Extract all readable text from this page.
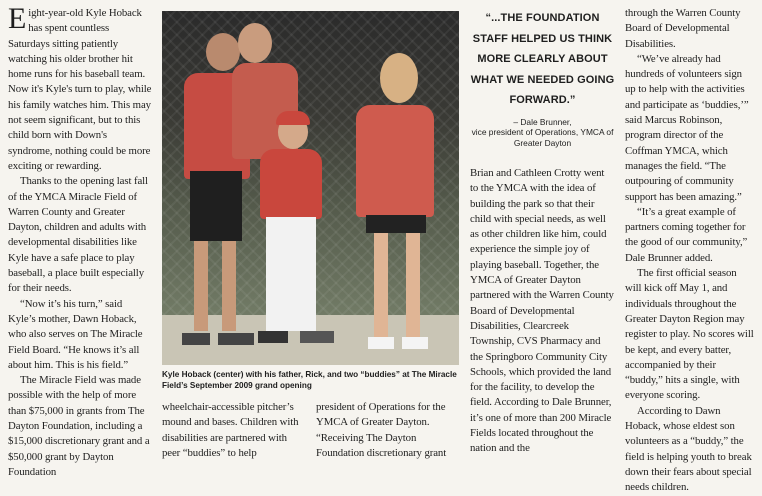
Eight-year-old Kyle Hoback has spent countless Saturdays sitting patiently watching his older brother hit home runs for his baseball team. Now it's Kyle's turn to play, while his family watches him. This may not seem significant, but to this child born with Down's syndrome, nothing could be more exciting or rewarding.

Thanks to the opening last fall of the YMCA Miracle Field of Warren County and Greater Dayton, children and adults with developmental disabilities like Kyle have a safe place to play baseball, a place built especially for their needs.

“Now it’s his turn,” said Kyle’s mother, Dawn Hoback, who also serves on The Miracle Field Board. “He knows it’s all about him. This is his field.”

The Miracle Field was made possible with the help of more than $75,000 in grants from The Dayton Foundation, including a $15,000 discretionary grant and a $50,000 grant by Dayton Foundation

Kyle Hoback (center) with his father, Rick, and two “buddies” at The Miracle Field’s September 2009 grand opening

wheelchair-accessible pitcher’s mound and bases. Children with disabilities are partnered with peer “buddies” to help

president of Operations for the YMCA of Greater Dayton. “Receiving The Dayton Foundation discretionary grant

“...THE FOUNDATION STAFF HELPED US THINK MORE CLEARLY ABOUT WHAT WE NEEDED GOING FORWARD.”
– Dale Brunner,
vice president of Operations, YMCA of Greater Dayton

Brian and Cathleen Crotty went to the YMCA with the idea of building the park so that their child with special needs, as well as other children like him, could experience the simple joy of playing baseball. Together, the YMCA of Greater Dayton partnered with the Warren County Board of Developmental Disabilities, Clearcreek Township, CVS Pharmacy and the Springboro Community City Schools, which provided the land for the facility, to develop the field. According to Dale Brunner, it’s one of more than 200 Miracle Fields located throughout the nation and the

through the Warren County Board of Developmental Disabilities.

“We’ve already had hundreds of volunteers sign up to help with the activities and participate as ‘buddies,’” said Marcus Robinson, program director of the Coffman YMCA, which manages the field. “The outpouring of community support has been amazing.”

“It’s a great example of partners coming together for the good of our community,” Dale Brunner added.

The first official season will kick off May 1, and individuals throughout the Greater Dayton Region may register to play. No scores will be kept, and every batter, accompanied by their “buddy,” hits a single, with everyone scoring.

According to Dawn Hoback, whose eldest son volunteers as a “buddy,” the field is helping youth to break down their fears about special needs children.
